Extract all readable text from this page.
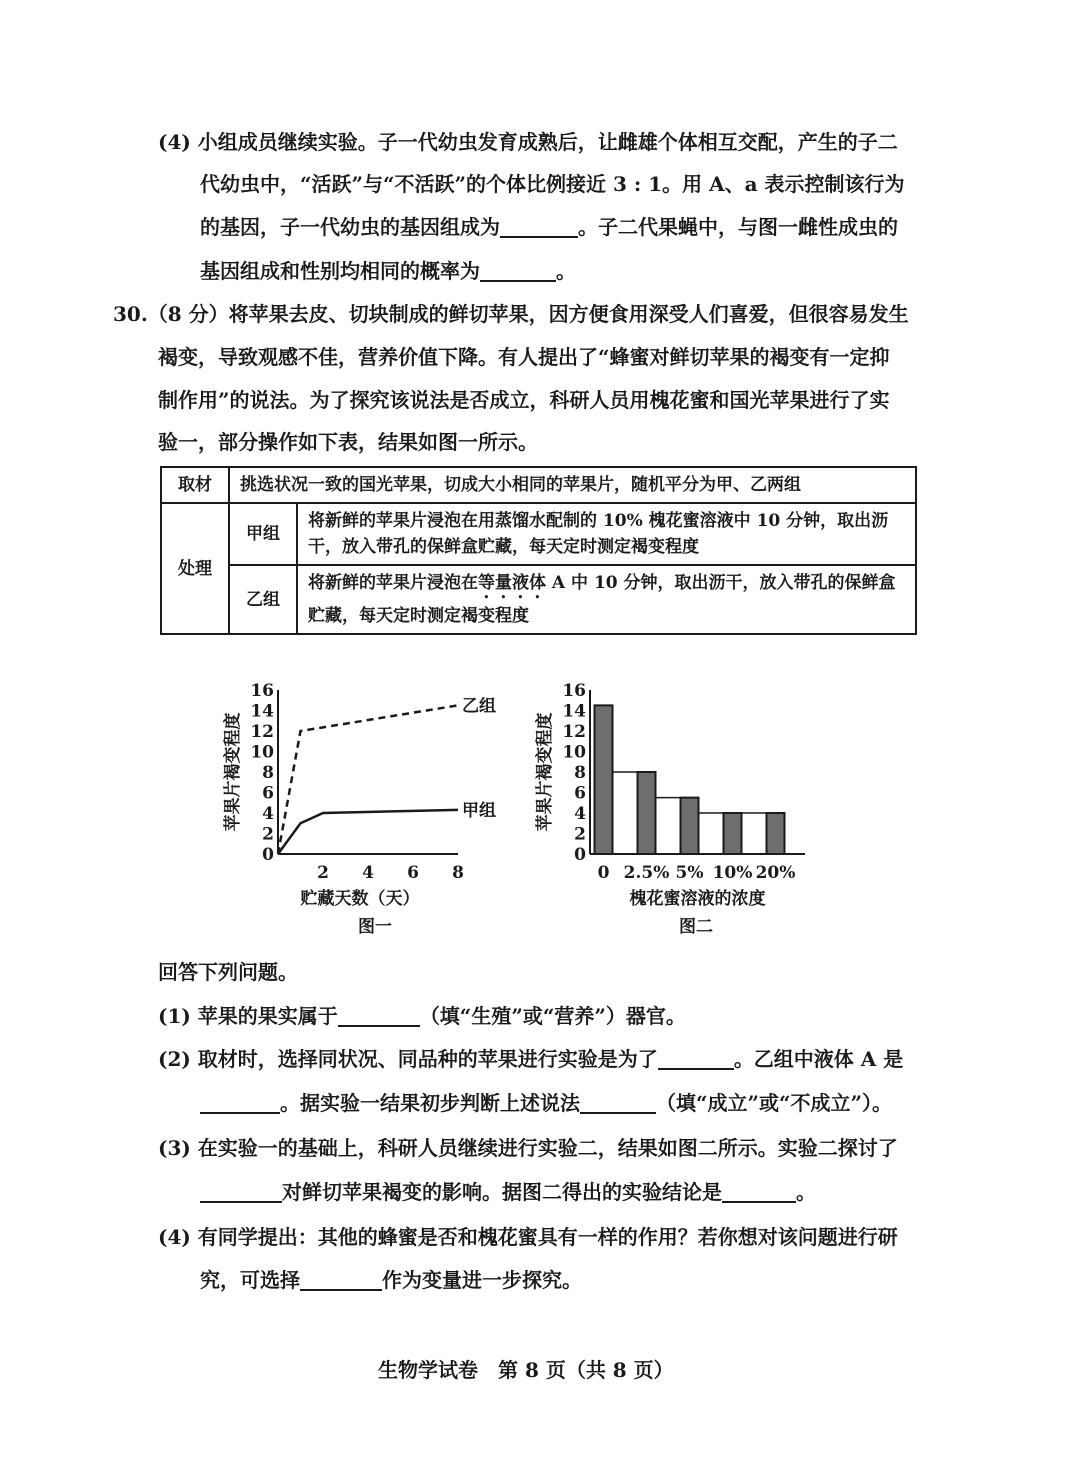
(4) 小组成员继续实验。子一代幼虫发育成熟后，让雌雄个体相互交配，产生的子二
代幼虫中，“活跃”与“不活跃”的个体比例接近 3 : 1。用 A、a 表示控制该行为
的基因，子一代幼虫的基因组成为	。子二代果蝇中，与图一雌性成虫的
基因组成和性别均相同的概率为	。
30.（8 分）将苹果去皮、切块制成的鲜切苹果，因方便食用深受人们喜爱，但很容易发生
褐变，导致观感不佳，营养价值下降。有人提出了“蜂蜜对鲜切苹果的褐变有一定抑
制作用”的说法。为了探究该说法是否成立，科研人员用槐花蜜和国光苹果进行了实
验一，部分操作如下表，结果如图一所示。
取材	挑选状况一致的国光苹果，切成大小相同的苹果片，随机平分为甲、乙两组	
处理	甲组	将新鲜的苹果片浸泡在用蒸馏水配制的 10% 槐花蜜溶液中 10 分钟，取出沥干，放入带孔的保鲜盒贮藏，每天定时测定褐变程度
	乙组	将新鲜的苹果片浸泡在等量液体 A 中 10 分钟，取出沥干，放入带孔的保鲜盒贮藏，每天定时测定褐变程度
0
2
4
6
8
10
12
14
16
2 4 6 8
苹果片褐变程度
贮藏天数（天）
乙组
甲组
图一
0
2
4
6
8
10
12
14
16
苹果片褐变程度
0 2.5% 5% 10% 20%
槐花蜜溶液的浓度
图二
回答下列问题。
(1) 苹果的果实属于	（填“生殖”或“营养”）器官。
(2) 取材时，选择同状况、同品种的苹果进行实验是为了	。乙组中液体 A 是
。据实验一结果初步判断上述说法	（填“成立”或“不成立”）。
(3) 在实验一的基础上，科研人员继续进行实验二，结果如图二所示。实验二探讨了
对鲜切苹果褐变的影响。据图二得出的实验结论是	。
(4) 有同学提出：其他的蜂蜜是否和槐花蜜具有一样的作用？若你想对该问题进行研
究，可选择	作为变量进一步探究。
生物学试卷　第 8 页（共 8 页）
